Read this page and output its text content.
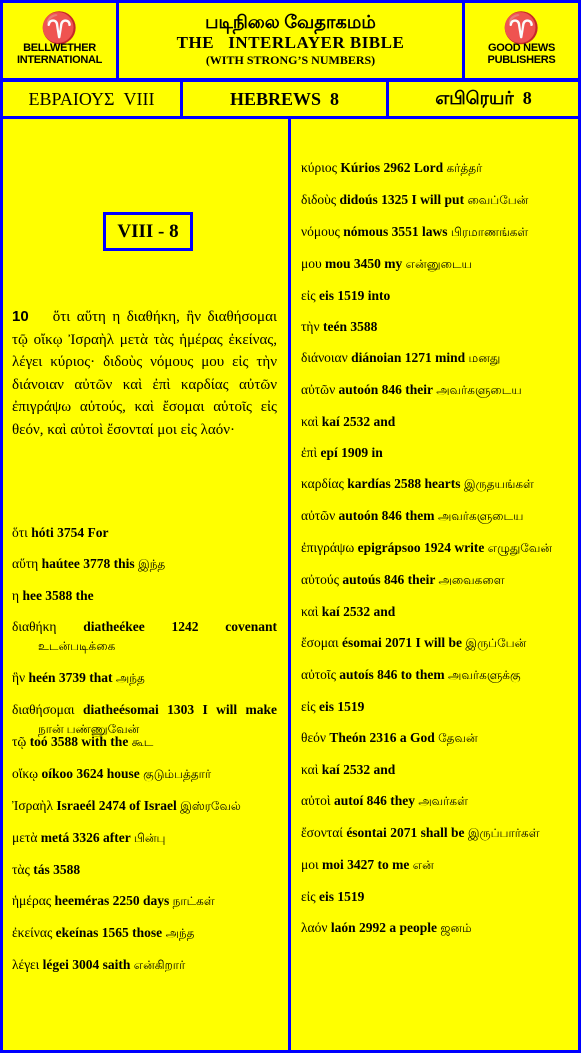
♈
BELLWETHER
INTERNATIONAL
படிநிலை வேதாகமம்
THE   INTERLAYER BIBLE
(WITH STRONG’S NUMBERS)
♈
GOOD NEWS
PUBLISHERS
ΕΒΡΑΙΟΥΣ  VIII	HEBREWS  8	எபிரெயர்  8
VIII - 8
10 ὅτι αὕτη η διαθήκη, ἣν διαθήσομαι τῷ οἴκῳ Ἰσραὴλ μετὰ τὰς ἡμέρας ἐκείνας, λέγει κύριος· διδοὺς νόμους μου εἰς τὴν διάνοιαν αὐτῶν καὶ ἐπὶ καρδίας αὐτῶν ἐπιγράψω αὐτούς, καὶ ἔσομαι αὐτοῖς εἰς θεόν, καὶ αὐτοὶ ἔσονταί μοι εἰς λαόν·

ὅτι hóti 3754 For

αὕτη haútee 3778 this இந்த

η hee 3588 the

διαθήκη diatheékee 1242 covenant உடன்படிக்கை

ἣν heén 3739 that அந்த

διαθήσομαι diatheésomai 1303 I will make நான் பண்ணுவேன்

τῷ toó 3588 with the கூட

οἴκῳ oíkoo 3624 house குடும்பத்தார்

Ἰσραὴλ Israeél 2474 of Israel இஸ்ரவேல்

μετὰ metá 3326 after பின்பு

τὰς tás 3588

ἡμέρας heeméras 2250 days நாட்கள்

ἐκείνας ekeínas 1565 those அந்த

λέγει légei 3004 saith என்கிறார்

κύριος Kúrios 2962 Lord கர்த்தர்

διδοὺς didoús 1325 I will put வைப்பேன்

νόμους nómous 3551 laws பிரமாணங்கள்

μου mou 3450 my என்னுடைய

εἰς eis 1519 into

τὴν teén 3588

διάνοιαν diánoian 1271 mind மனது

αὐτῶν autoón 846 their அவர்களுடைய

καὶ kaí 2532 and

ἐπὶ epí 1909 in

καρδίας kardías 2588 hearts இருதயங்கள்

αὐτῶν autoón 846 them அவர்களுடைய

ἐπιγράψω epigrápsoo 1924 write எழுதுவேன்

αὐτούς autoús 846 their அவைகளை

καὶ kaí 2532 and

ἔσομαι ésomai 2071 I will be இருப்பேன்

αὐτοῖς autoís 846 to them அவர்களுக்கு

εἰς eis 1519

θεόν Theón 2316 a God தேவன்

καὶ kaí 2532 and

αὐτοὶ autoí 846 they அவர்கள்

ἔσονταί ésontai 2071 shall be இருப்பார்கள்

μοι moi 3427 to me என்

εἰς eis 1519

λαόν laón 2992 a people ஜனம்
